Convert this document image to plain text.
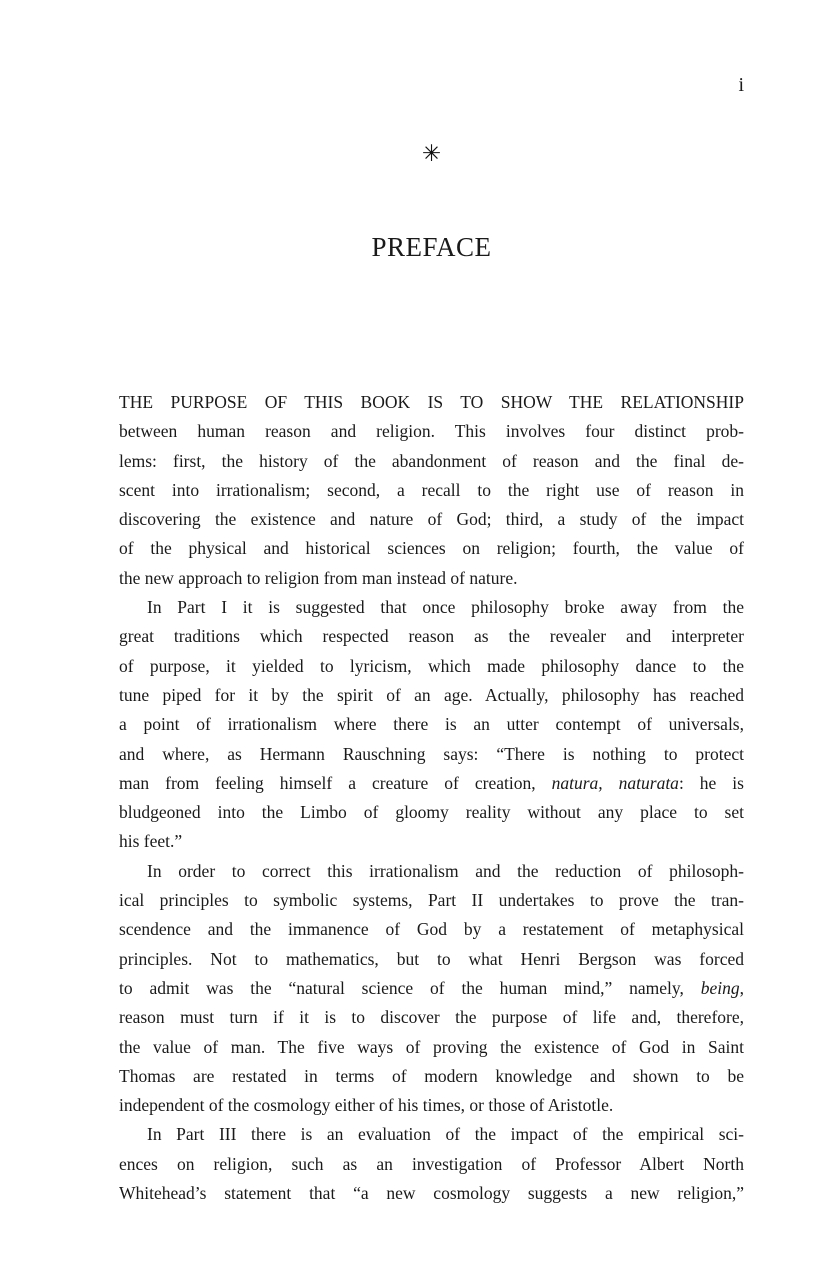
i
✳
PREFACE
THE PURPOSE OF THIS BOOK IS TO SHOW THE RELATIONSHIP
between human reason and religion. This involves four distinct prob-
lems: first, the history of the abandonment of reason and the final de-
scent into irrationalism; second, a recall to the right use of reason in
discovering the existence and nature of God; third, a study of the impact
of the physical and historical sciences on religion; fourth, the value of
the new approach to religion from man instead of nature.
In Part I it is suggested that once philosophy broke away from the
great traditions which respected reason as the revealer and interpreter
of purpose, it yielded to lyricism, which made philosophy dance to the
tune piped for it by the spirit of an age. Actually, philosophy has reached
a point of irrationalism where there is an utter contempt of universals,
and where, as Hermann Rauschning says: “There is nothing to protect
man from feeling himself a creature of creation, natura, naturata: he is
bludgeoned into the Limbo of gloomy reality without any place to set
his feet.”
In order to correct this irrationalism and the reduction of philosoph-
ical principles to symbolic systems, Part II undertakes to prove the tran-
scendence and the immanence of God by a restatement of metaphysical
principles. Not to mathematics, but to what Henri Bergson was forced
to admit was the “natural science of the human mind,” namely, being,
reason must turn if it is to discover the purpose of life and, therefore,
the value of man. The five ways of proving the existence of God in Saint
Thomas are restated in terms of modern knowledge and shown to be
independent of the cosmology either of his times, or those of Aristotle.
In Part III there is an evaluation of the impact of the empirical sci-
ences on religion, such as an investigation of Professor Albert North
Whitehead’s statement that “a new cosmology suggests a new religion,”
